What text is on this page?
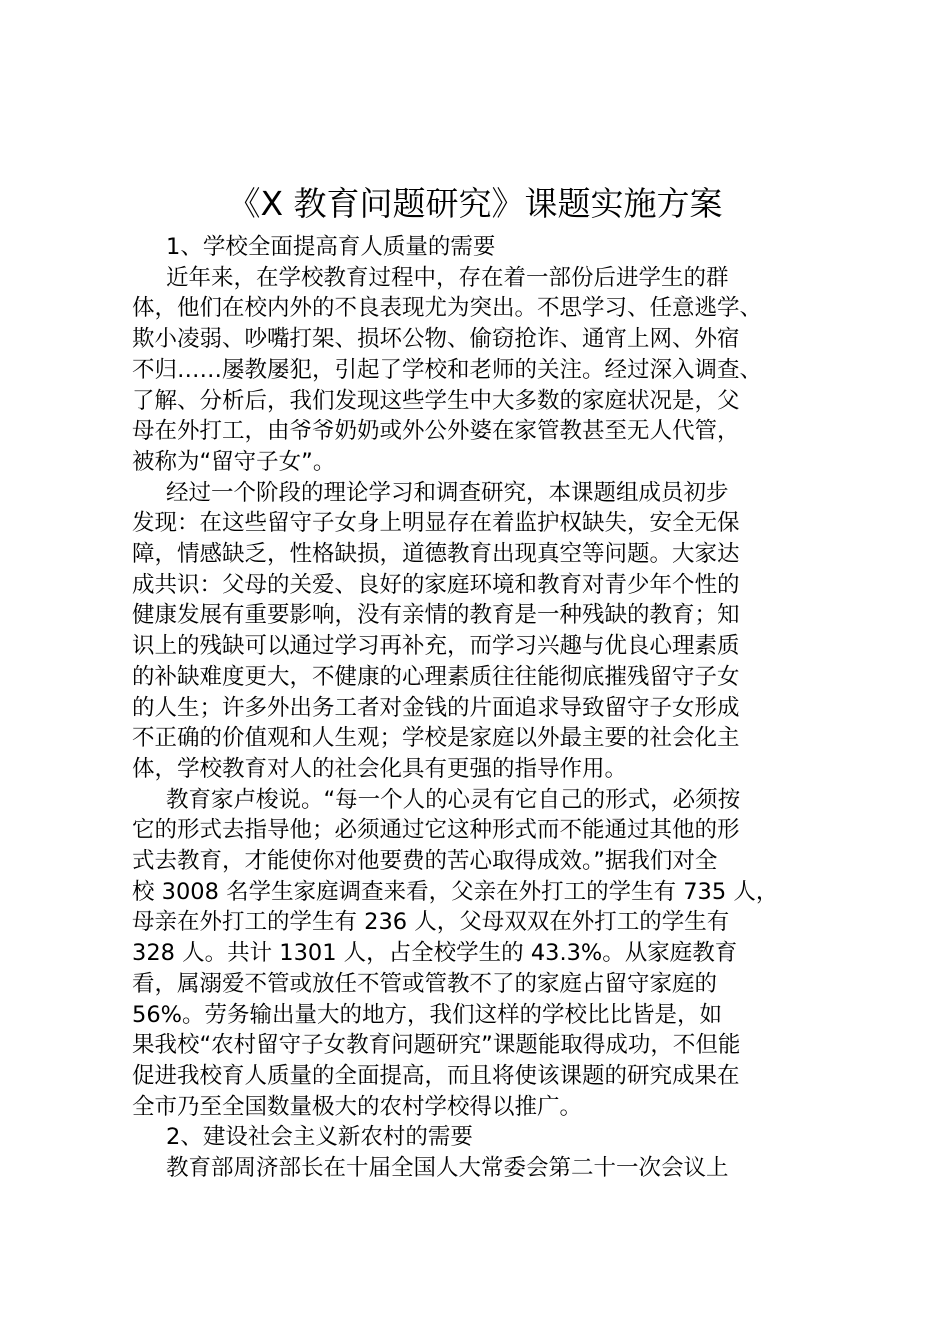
《X 教育问题研究》课题实施方案
1、学校全面提高育人质量的需要
近年来，在学校教育过程中，存在着一部份后进学生的群
体，他们在校内外的不良表现尤为突出。不思学习、任意逃学、
欺小凌弱、吵嘴打架、损坏公物、偷窃抢诈、通宵上网、外宿
不归……屡教屡犯，引起了学校和老师的关注。经过深入调查、
了解、分析后，我们发现这些学生中大多数的家庭状况是，父
母在外打工，由爷爷奶奶或外公外婆在家管教甚至无人代管，
被称为“留守子女”。
经过一个阶段的理论学习和调查研究，本课题组成员初步
发现：在这些留守子女身上明显存在着监护权缺失，安全无保
障，情感缺乏，性格缺损，道德教育出现真空等问题。大家达
成共识：父母的关爱、良好的家庭环境和教育对青少年个性的
健康发展有重要影响，没有亲情的教育是一种残缺的教育；知
识上的残缺可以通过学习再补充，而学习兴趣与优良心理素质
的补缺难度更大，不健康的心理素质往往能彻底摧残留守子女
的人生；许多外出务工者对金钱的片面追求导致留守子女形成
不正确的价值观和人生观；学校是家庭以外最主要的社会化主
体，学校教育对人的社会化具有更强的指导作用。
教育家卢梭说。“每一个人的心灵有它自己的形式，必须按
它的形式去指导他；必须通过它这种形式而不能通过其他的形
式去教育，才能使你对他要费的苦心取得成效。”据我们对全
校 3008 名学生家庭调查来看，父亲在外打工的学生有 735 人，
母亲在外打工的学生有 236 人，父母双双在外打工的学生有
328 人。共计 1301 人，占全校学生的 43.3%。从家庭教育
看，属溺爱不管或放任不管或管教不了的家庭占留守家庭的
56%。劳务输出量大的地方，我们这样的学校比比皆是，如
果我校“农村留守子女教育问题研究”课题能取得成功，不但能
促进我校育人质量的全面提高，而且将使该课题的研究成果在
全市乃至全国数量极大的农村学校得以推广。
2、建设社会主义新农村的需要
教育部周济部长在十届全国人大常委会第二十一次会议上
